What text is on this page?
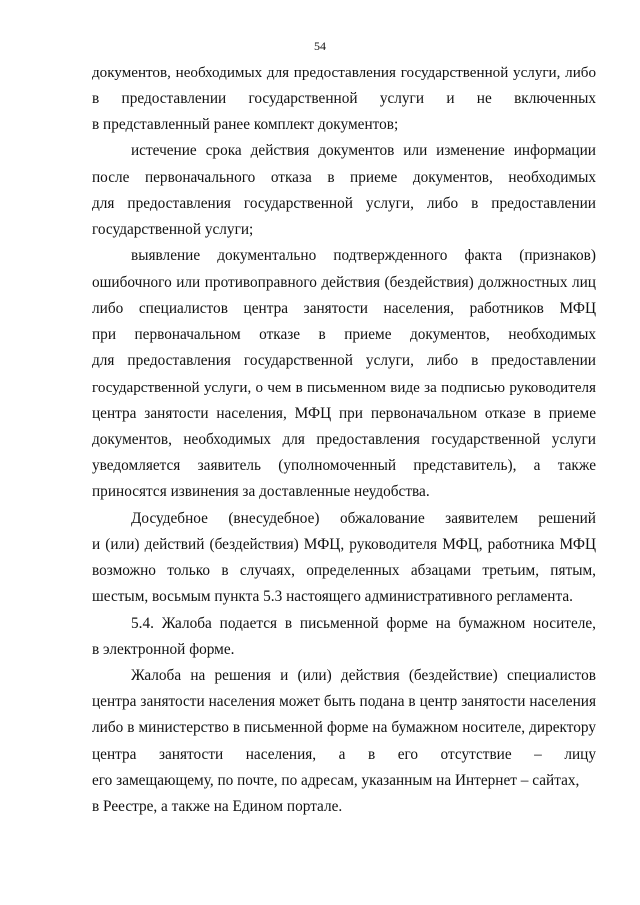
54
документов, необходимых для предоставления государственной услуги, либо
в предоставлении государственной услуги и не включенных
в представленный ранее комплект документов;
истечение срока действия документов или изменение информации
после первоначального отказа в приеме документов, необходимых
для предоставления государственной услуги, либо в предоставлении
государственной услуги;
выявление документально подтвержденного факта (признаков)
ошибочного или противоправного действия (бездействия) должностных лиц
либо специалистов центра занятости населения, работников МФЦ
при первоначальном отказе в приеме документов, необходимых
для предоставления государственной услуги, либо в предоставлении
государственной услуги, о чем в письменном виде за подписью руководителя
центра занятости населения, МФЦ при первоначальном отказе в приеме
документов, необходимых для предоставления государственной услуги
уведомляется заявитель (уполномоченный представитель), а также
приносятся извинения за доставленные неудобства.
Досудебное (внесудебное) обжалование заявителем решений
и (или) действий (бездействия) МФЦ, руководителя МФЦ, работника МФЦ
возможно только в случаях, определенных абзацами третьим, пятым,
шестым, восьмым пункта 5.3 настоящего административного регламента.
5.4. Жалоба подается в письменной форме на бумажном носителе,
в электронной форме.
Жалоба на решения и (или) действия (бездействие) специалистов
центра занятости населения может быть подана в центр занятости населения
либо в министерство в письменной форме на бумажном носителе, директору
центра занятости населения, а в его отсутствие – лицу
его замещающему, по почте, по адресам, указанным на Интернет – сайтах,
в Реестре, а также на Едином портале.
